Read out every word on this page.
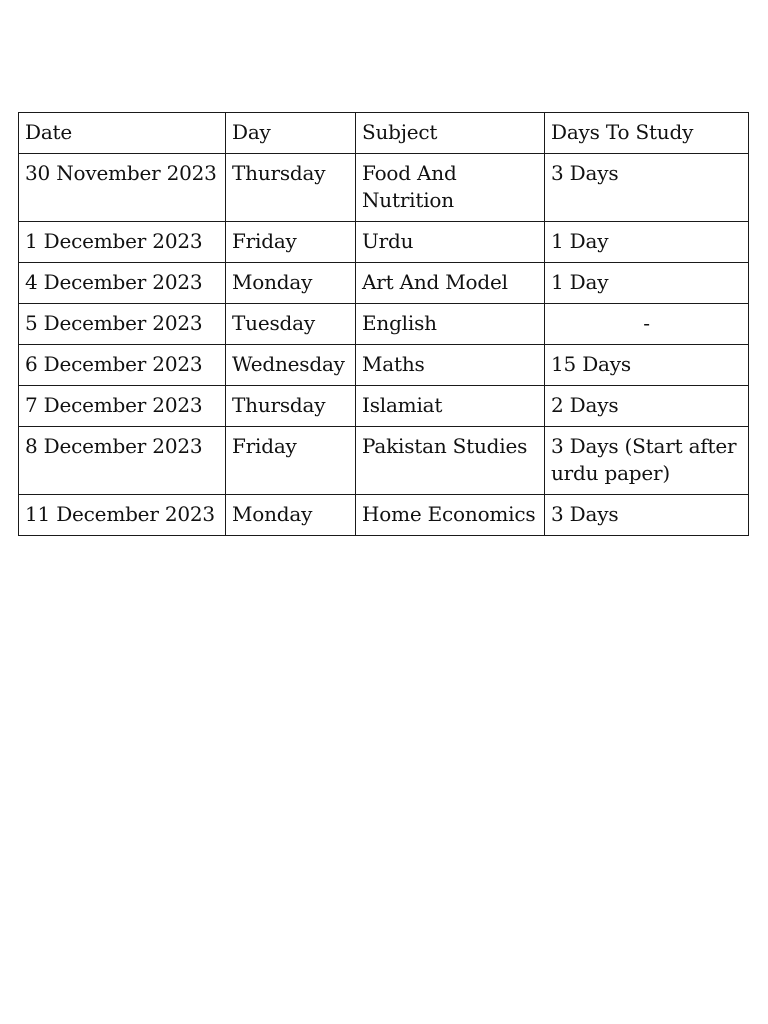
Date	Day	Subject	Days To Study
30 November 2023	Thursday	Food And Nutrition	3 Days
1 December 2023	Friday	Urdu	1 Day
4 December 2023	Monday	Art And Model	1 Day
5 December 2023	Tuesday	English	-
6 December 2023	Wednesday	Maths	15 Days
7 December 2023	Thursday	Islamiat	2 Days
8 December 2023	Friday	Pakistan Studies	3 Days (Start after urdu paper)
11 December 2023	Monday	Home Economics	3 Days
